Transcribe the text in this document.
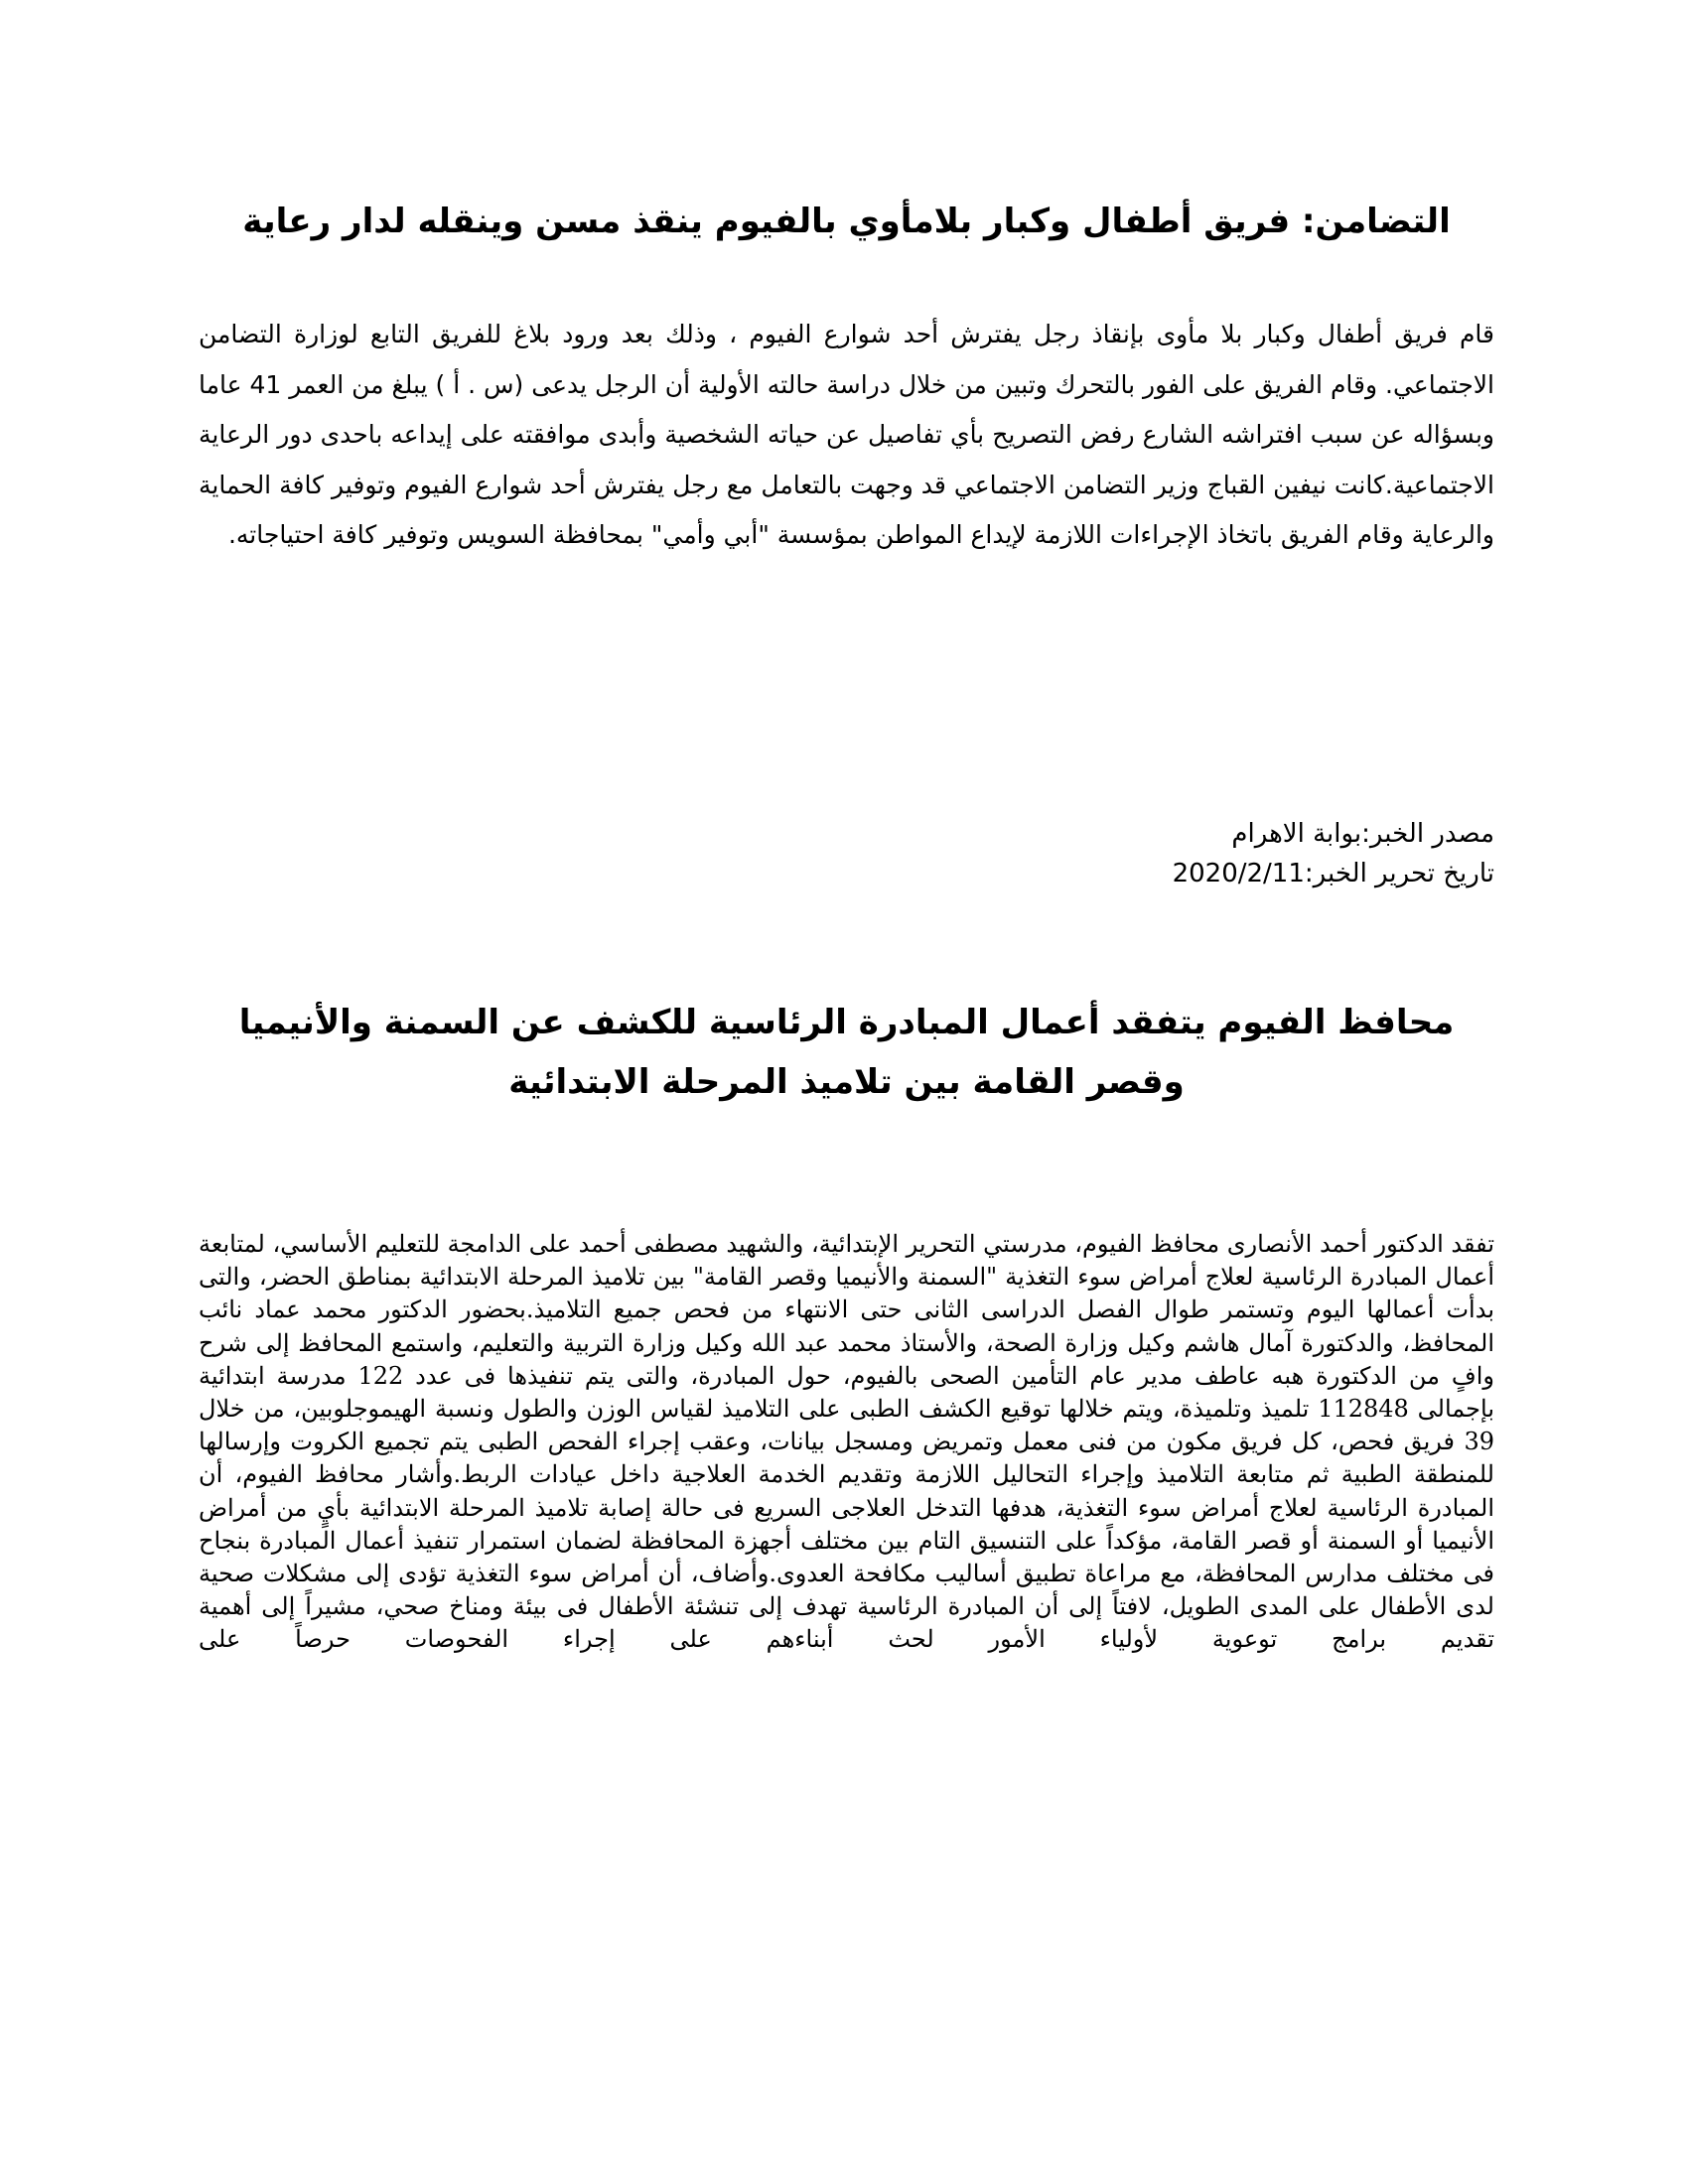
التضامن: فريق أطفال وكبار بلامأوي بالفيوم ينقذ مسن وينقله لدار رعاية

قام فريق أطفال وكبار بلا مأوى بإنقاذ رجل يفترش أحد شوارع الفيوم ، وذلك بعد ورود بلاغ للفريق التابع لوزارة التضامن الاجتماعي. وقام الفريق على الفور بالتحرك وتبين من خلال دراسة حالته الأولية أن الرجل يدعى (س . أ ) يبلغ من العمر 41 عاما وبسؤاله عن سبب افتراشه الشارع رفض التصريح بأي تفاصيل عن حياته الشخصية وأبدى موافقته على إيداعه باحدى دور الرعاية الاجتماعية.كانت نيفين القباج وزير التضامن الاجتماعي قد وجهت بالتعامل مع رجل يفترش أحد شوارع الفيوم وتوفير كافة الحماية والرعاية وقام الفريق باتخاذ الإجراءات اللازمة لإيداع المواطن بمؤسسة "أبي وأمي" بمحافظة السويس وتوفير كافة احتياجاته.

مصدر الخبر:بوابة الاهرام

تاريخ تحرير الخبر:2020/2/11

محافظ الفيوم يتفقد أعمال المبادرة الرئاسية للكشف عن السمنة والأنيميا وقصر القامة بين تلاميذ المرحلة الابتدائية

تفقد الدكتور أحمد الأنصارى محافظ الفيوم، مدرستي التحرير الإبتدائية، والشهيد مصطفى أحمد على الدامجة للتعليم الأساسي، لمتابعة أعمال المبادرة الرئاسية لعلاج أمراض سوء التغذية "السمنة والأنيميا وقصر القامة" بين تلاميذ المرحلة الابتدائية بمناطق الحضر، والتى بدأت أعمالها اليوم وتستمر طوال الفصل الدراسى الثانى حتى الانتهاء من فحص جميع التلاميذ.بحضور الدكتور محمد عماد نائب المحافظ، والدكتورة آمال هاشم وكيل وزارة الصحة، والأستاذ محمد عبد الله وكيل وزارة التربية والتعليم، واستمع المحافظ إلى شرح وافٍ من الدكتورة هبه عاطف مدير عام التأمين الصحى بالفيوم، حول المبادرة، والتى يتم تنفيذها فى عدد 122 مدرسة ابتدائية بإجمالى 112848 تلميذ وتلميذة، ويتم خلالها توقيع الكشف الطبى على التلاميذ لقياس الوزن والطول ونسبة الهيموجلوبين، من خلال 39 فريق فحص، كل فريق مكون من فنى معمل وتمريض ومسجل بيانات، وعقب إجراء الفحص الطبى يتم تجميع الكروت وإرسالها للمنطقة الطبية ثم متابعة التلاميذ وإجراء التحاليل اللازمة وتقديم الخدمة العلاجية داخل عيادات الربط.وأشار محافظ الفيوم، أن المبادرة الرئاسية لعلاج أمراض سوء التغذية، هدفها التدخل العلاجى السريع فى حالة إصابة تلاميذ المرحلة الابتدائية بأيٍ من أمراض الأنيميا أو السمنة أو قصر القامة، مؤكداً على التنسيق التام بين مختلف أجهزة المحافظة لضمان استمرار تنفيذ أعمال المبادرة بنجاح فى مختلف مدارس المحافظة، مع مراعاة تطبيق أساليب مكافحة العدوى.وأضاف، أن أمراض سوء التغذية تؤدى إلى مشكلات صحية لدى الأطفال على المدى الطويل، لافتاً إلى أن المبادرة الرئاسية تهدف إلى تنشئة الأطفال فى بيئة ومناخ صحي، مشيراً إلى أهمية تقديم برامج توعوية لأولياء الأمور لحث أبناءهم على إجراء الفحوصات حرصاً على
